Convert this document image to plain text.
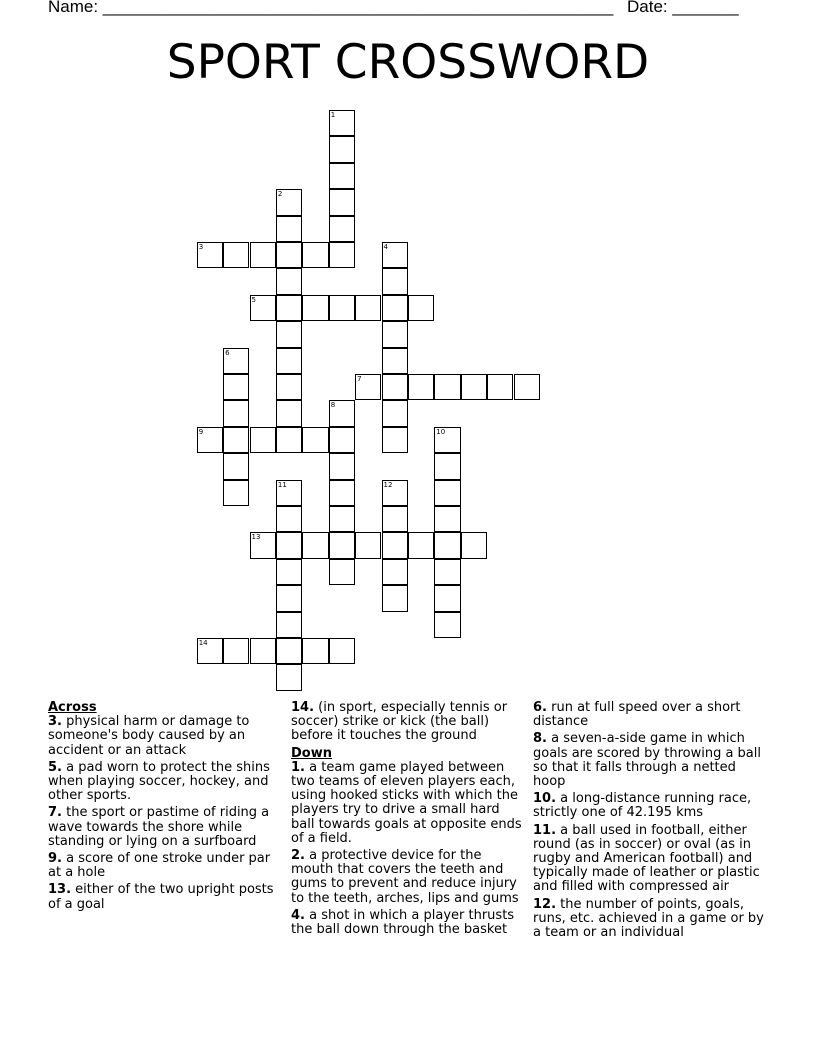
Name: ______________________________________________________ Date: _______
SPORT CROSSWORD
1
2
3	4
5
6
7
8
9	10
11	12
13
14
Across
3. physical harm or damage to someone's body caused by an accident or an attack
5. a pad worn to protect the shins when playing soccer, hockey, and other sports.
7. the sport or pastime of riding a wave towards the shore while standing or lying on a surfboard
9. a score of one stroke under par at a hole
13. either of the two upright posts of a goal
14. (in sport, especially tennis or soccer) strike or kick (the ball) before it touches the ground
Down
1. a team game played between two teams of eleven players each, using hooked sticks with which the players try to drive a small hard ball towards goals at opposite ends of a field.
2. a protective device for the mouth that covers the teeth and gums to prevent and reduce injury to the teeth, arches, lips and gums
4. a shot in which a player thrusts the ball down through the basket
6. run at full speed over a short distance
8. a seven-a-side game in which goals are scored by throwing a ball so that it falls through a netted hoop
10. a long-distance running race, strictly one of 42.195 kms
11. a ball used in football, either round (as in soccer) or oval (as in rugby and American football) and typically made of leather or plastic and filled with compressed air
12. the number of points, goals, runs, etc. achieved in a game or by a team or an individual
